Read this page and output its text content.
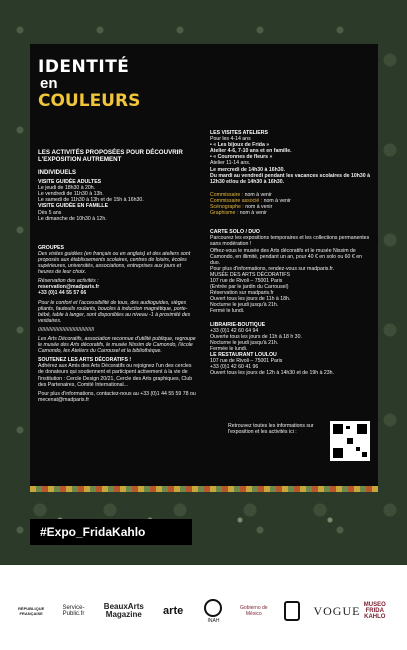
IDENTITÉ
en
COULEURS
LES ACTIVITÉS PROPOSÉES POUR DÉCOUVRIR L'EXPOSITION AUTREMENT

INDIVIDUELS

VISITE GUIDÉE ADULTES
Le jeudi de 18h30 à 20h.
Le vendredi de 11h30 à 13h.
Le samedi de 11h30 à 13h et de 15h à 16h30.
VISITE GUIDÉE EN FAMILLE
Dès 5 ans

Le dimanche de 10h30 à 12h.

GROUPES

Des visites guidées (en français ou en anglais) et des ateliers sont proposés aux établissements scolaires, centres de loisirs, écoles supérieures, universités, associations, entreprises aux jours et heures de leur choix.

Réservation des activités :
reservation@madparis.fr

+33 (0)1 44 55 57 66

Pour le confort et l'accessibilité de tous, des audioguides, sièges pliants, fauteuils roulants, boucles à induction magnétique, porte-bébé, table à langer, sont disponibles au niveau -1 à proximité des vestiaires.

///////////////////////////////////////

Les Arts Décoratifs, association reconnue d'utilité publique, regroupe le musée des Arts décoratifs, le musée Nissim de Camondo, l'école Camondo, les Ateliers du Carrousel et la bibliothèque.

SOUTENEZ LES ARTS DÉCORATIFS !

Adhérez aux Amis des Arts Décoratifs ou rejoignez l'un des cercles de donateurs qui soutiennent et participent activement à la vie de l'institution : Cercle Design 20/21, Cercle des Arts graphiques, Club des Partenaires, Comité International...

Pour plus d'informations, contactez-nous au +33 (0)1 44 55 59 78 ou mecenat@madparis.fr

LES VISITES ATELIERS
Pour les 4-14 ans
• « Les bijoux de Frida »
Atelier 4-6, 7-10 ans et en famille.
• « Couronnes de fleurs »
Atelier 11-14 ans.
Le mercredi de 14h30 à 16h30.

Du mardi au vendredi pendant les vacances scolaires de 10h30 à 12h30 et/ou de 14h30 à 16h30.

Commissaire : nom à venir
Commissaire associé : nom à venir
Scénographe : nom à venir

Graphisme : nom à venir

CARTE SOLO / DUO
Parcourez les expositions temporaires et les collections permanentes sans modération !
Offrez-vous le musée des Arts décoratifs et le musée Nissim de Camondo, en illimité, pendant un an, pour 40 € en solo ou 60 € en duo.
Pour plus d'informations, rendez-vous sur madparis.fr.
MUSÉE DES ARTS DÉCORATIFS
107 rue de Rivoli – 75001 Paris
(Entrée par le jardin du Carrousel)
Réservation sur madparis.fr
Ouvert tous les jours de 11h à 18h.
Nocturne le jeudi jusqu'à 21h.

Fermé le lundi.

LIBRAIRIE-BOUTIQUE
+33 (0)1 42 60 64 94
Ouverte tous les jours de 11h à 18 h 30.
Nocturne le jeudi jusqu'à 21h.
Fermée le lundi.
LE RESTAURANT LOULOU
107 rue de Rivoli – 75001 Paris
+33 (0)1 42 60 41 96

Ouvert tous les jours de 12h à 14h30 et de 19h à 23h.

Retrouvez toutes les informations sur l'exposition et les activités ici :
#Expo_FridaKahlo
RÉPUBLIQUE FRANÇAISE
Service-Public.fr
BeauxArts Magazine	arte
INAH
Gobierno de México	VOGUE MUSEO FRIDA KAHLO
